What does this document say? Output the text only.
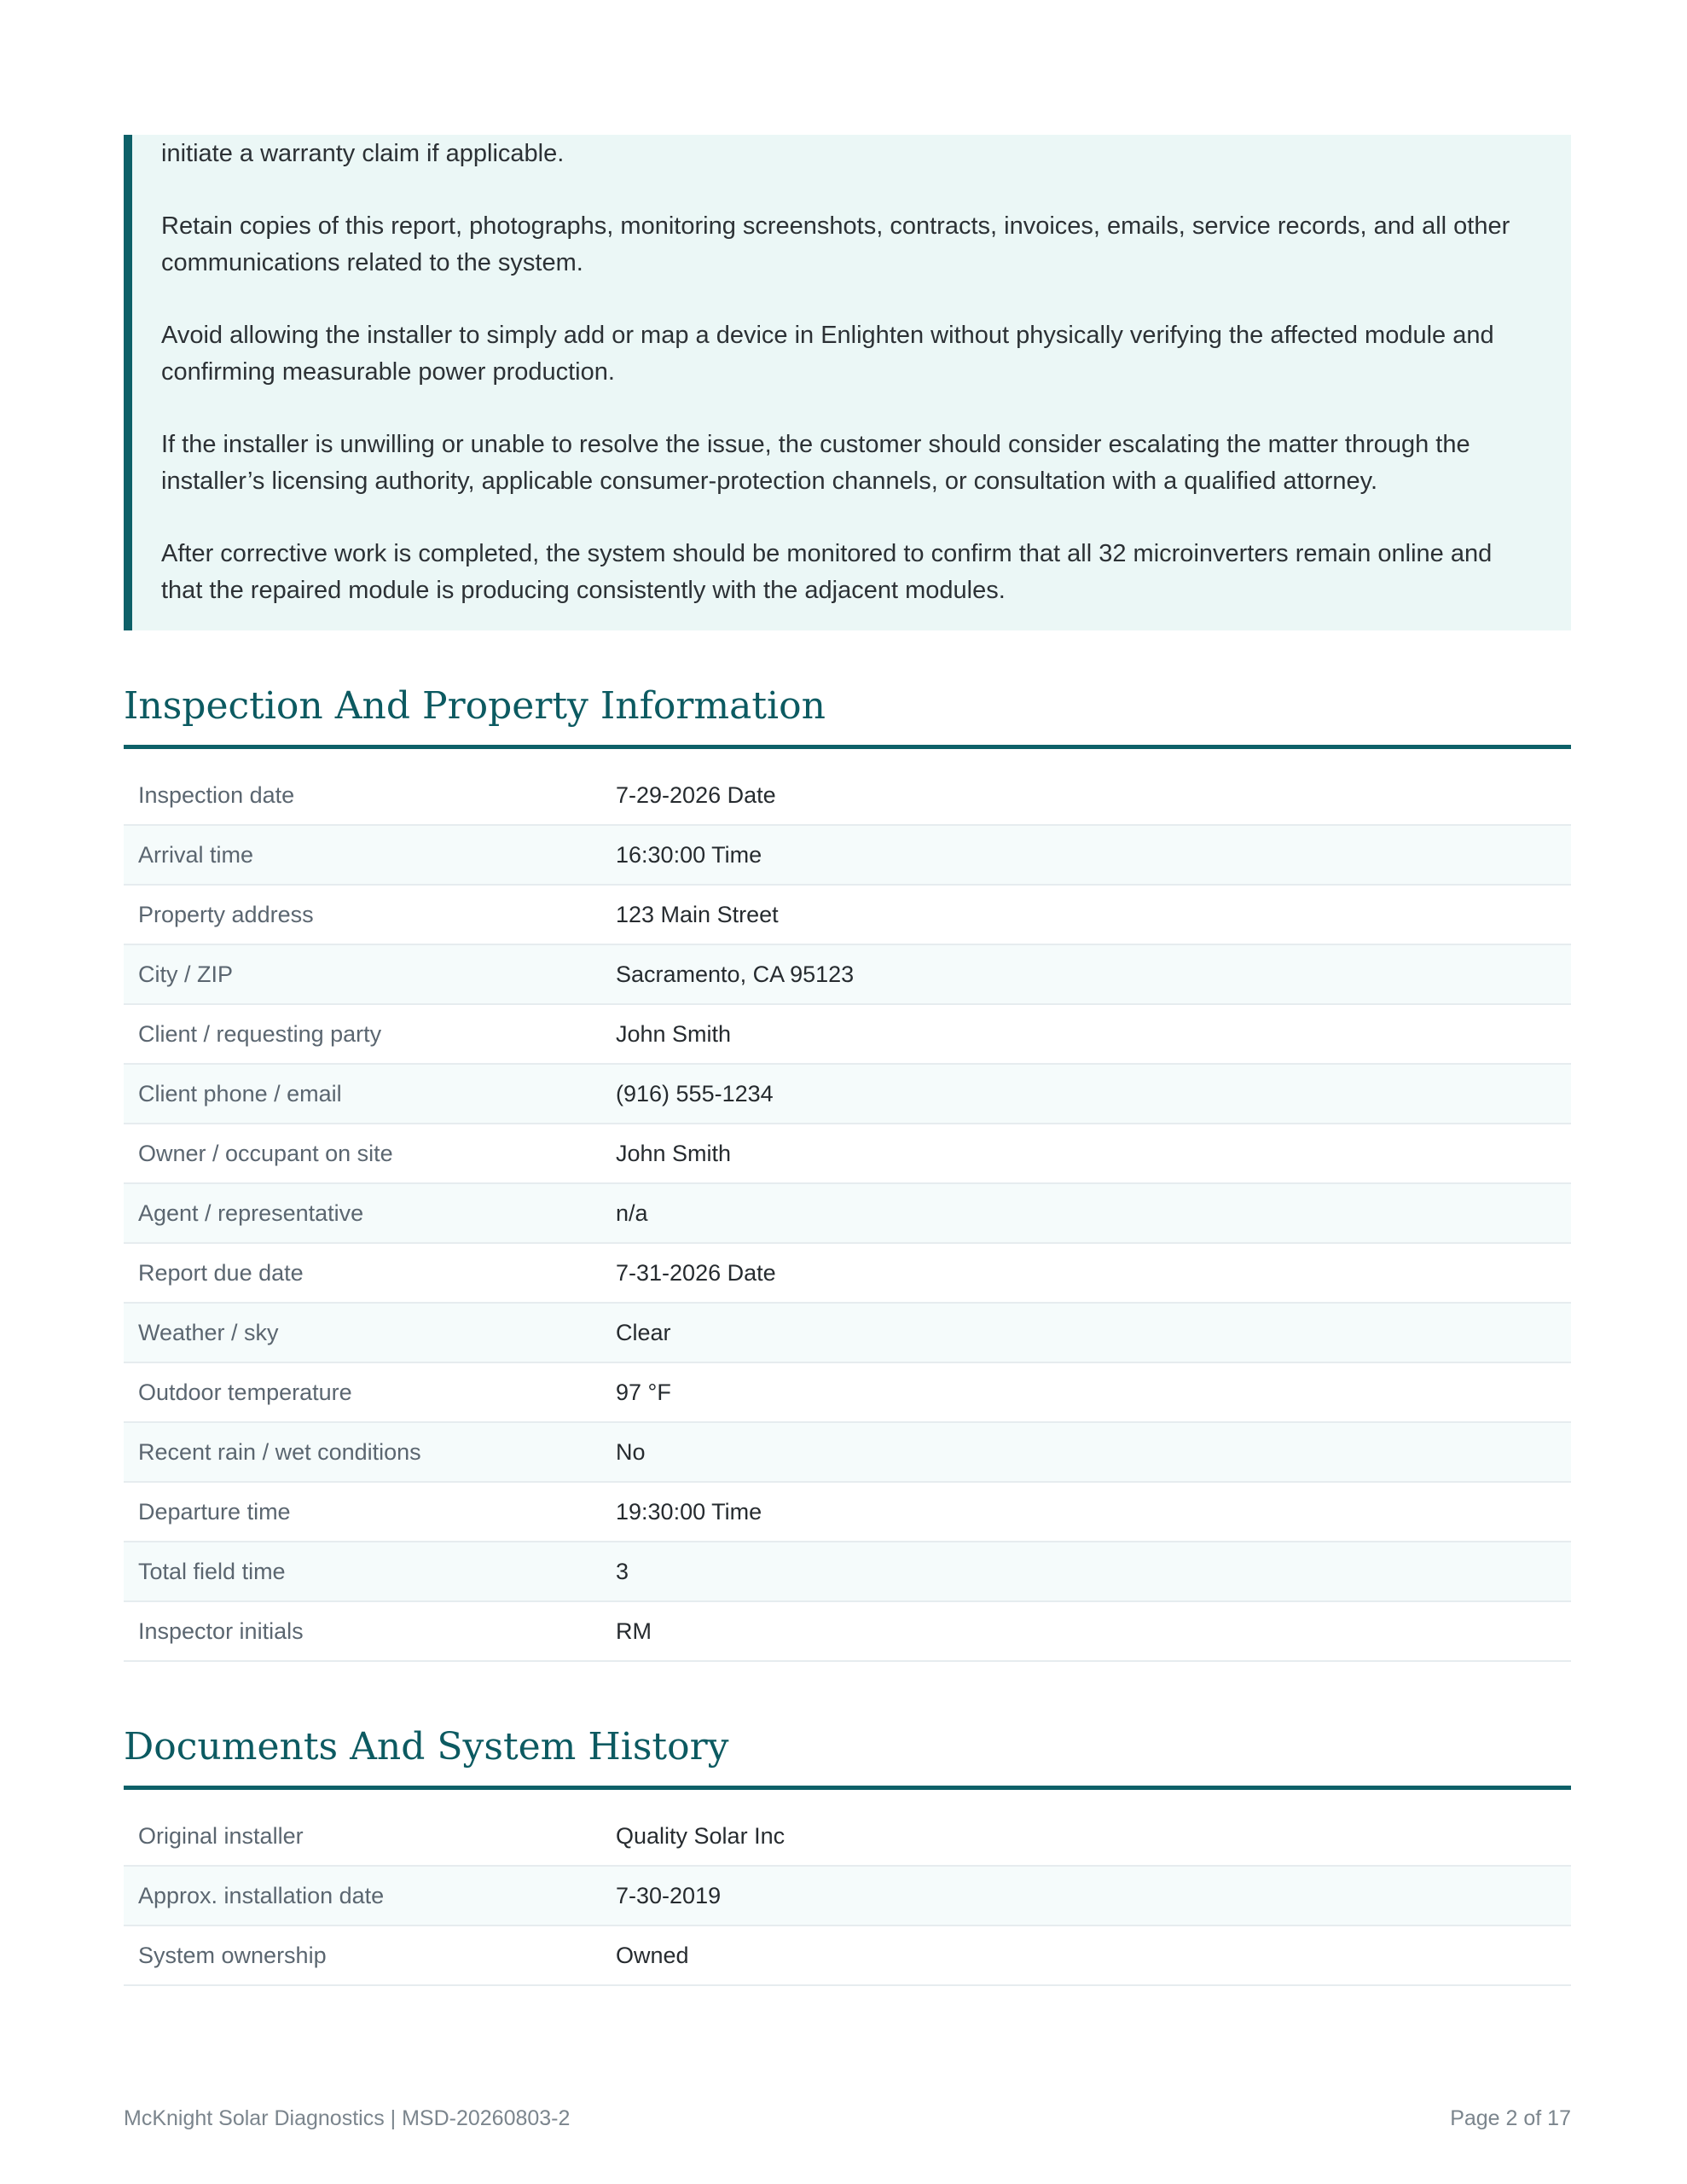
initiate a warranty claim if applicable.

Retain copies of this report, photographs, monitoring screenshots, contracts, invoices, emails, service records, and all other communications related to the system.

Avoid allowing the installer to simply add or map a device in Enlighten without physically verifying the affected module and confirming measurable power production.

If the installer is unwilling or unable to resolve the issue, the customer should consider escalating the matter through the installer’s licensing authority, applicable consumer-protection channels, or consultation with a qualified attorney.

After corrective work is completed, the system should be monitored to confirm that all 32 microinverters remain online and that the repaired module is producing consistently with the adjacent modules.

Inspection And Property Information
Inspection date	7-29-2026 Date
Arrival time	16:30:00 Time
Property address	123 Main Street
City / ZIP	Sacramento, CA 95123
Client / requesting party	John Smith
Client phone / email	(916) 555-1234
Owner / occupant on site	John Smith
Agent / representative	n/a
Report due date	7-31-2026 Date
Weather / sky	Clear
Outdoor temperature	97 °F
Recent rain / wet conditions	No
Departure time	19:30:00 Time
Total field time	3
Inspector initials	RM
Documents And System History
Original installer	Quality Solar Inc
Approx. installation date	7-30-2019
System ownership	Owned
McKnight Solar Diagnostics | MSD-20260803-2	Page 2 of 17
